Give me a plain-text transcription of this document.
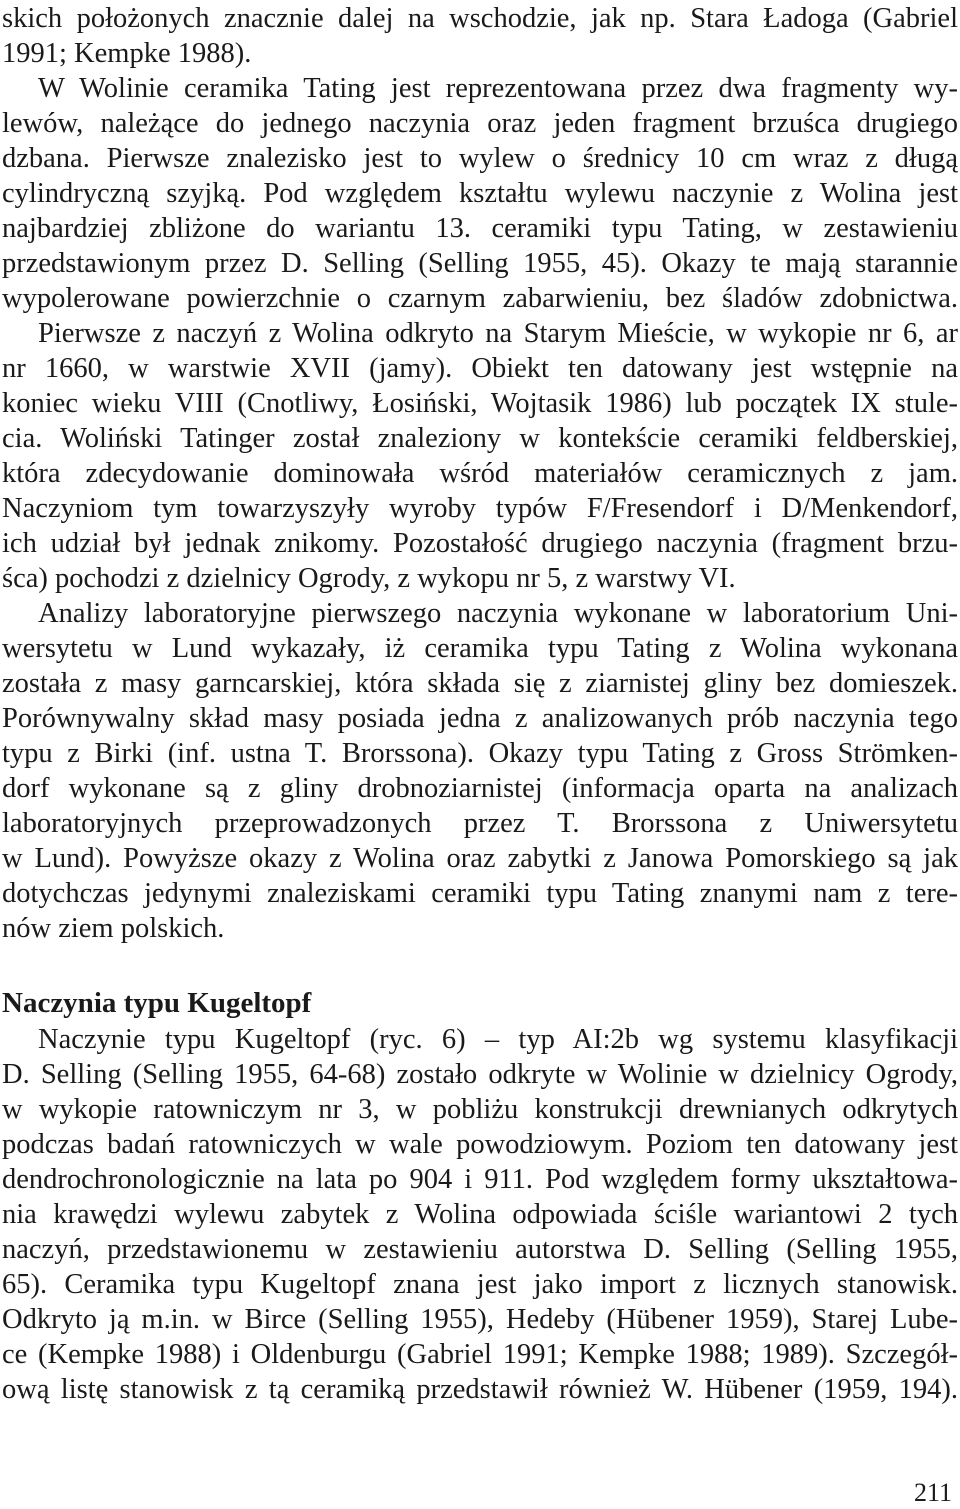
skich położonych znacznie dalej na wschodzie, jak np. Stara Ładoga (Gabriel
1991; Kempke 1988).
W Wolinie ceramika Tating jest reprezentowana przez dwa fragmenty wy-
lewów, należące do jednego naczynia oraz jeden fragment brzuśca drugiego
dzbana. Pierwsze znalezisko jest to wylew o średnicy 10 cm wraz z długą
cylindryczną szyjką. Pod względem kształtu wylewu naczynie z Wolina jest
najbardziej zbliżone do wariantu 13. ceramiki typu Tating, w zestawieniu
przedstawionym przez D. Selling (Selling 1955, 45). Okazy te mają starannie
wypolerowane powierzchnie o czarnym zabarwieniu, bez śladów zdobnictwa.
Pierwsze z naczyń z Wolina odkryto na Starym Mieście, w wykopie nr 6, ar
nr 1660, w warstwie XVII (jamy). Obiekt ten datowany jest wstępnie na
koniec wieku VIII (Cnotliwy, Łosiński, Wojtasik 1986) lub początek IX stule-
cia. Woliński Tatinger został znaleziony w kontekście ceramiki feldberskiej,
która zdecydowanie dominowała wśród materiałów ceramicznych z jam.
Naczyniom tym towarzyszyły wyroby typów F/Fresendorf i D/Menkendorf,
ich udział był jednak znikomy. Pozostałość drugiego naczynia (fragment brzu-
śca) pochodzi z dzielnicy Ogrody, z wykopu nr 5, z warstwy VI.
Analizy laboratoryjne pierwszego naczynia wykonane w laboratorium Uni-
wersytetu w Lund wykazały, iż ceramika typu Tating z Wolina wykonana
została z masy garncarskiej, która składa się z ziarnistej gliny bez domieszek.
Porównywalny skład masy posiada jedna z analizowanych prób naczynia tego
typu z Birki (inf. ustna T. Brorssona). Okazy typu Tating z Gross Strömken-
dorf wykonane są z gliny drobnoziarnistej (informacja oparta na analizach
laboratoryjnych przeprowadzonych przez T. Brorssona z Uniwersytetu
w Lund). Powyższe okazy z Wolina oraz zabytki z Janowa Pomorskiego są jak
dotychczas jedynymi znaleziskami ceramiki typu Tating znanymi nam z tere-
nów ziem polskich.
Naczynia typu Kugeltopf
Naczynie typu Kugeltopf (ryc. 6) – typ AI:2b wg systemu klasyfikacji
D. Selling (Selling 1955, 64-68) zostało odkryte w Wolinie w dzielnicy Ogrody,
w wykopie ratowniczym nr 3, w pobliżu konstrukcji drewnianych odkrytych
podczas badań ratowniczych w wale powodziowym. Poziom ten datowany jest
dendrochronologicznie na lata po 904 i 911. Pod względem formy ukształtowa-
nia krawędzi wylewu zabytek z Wolina odpowiada ściśle wariantowi 2 tych
naczyń, przedstawionemu w zestawieniu autorstwa D. Selling (Selling 1955,
65). Ceramika typu Kugeltopf znana jest jako import z licznych stanowisk.
Odkryto ją m.in. w Birce (Selling 1955), Hedeby (Hübener 1959), Starej Lube-
ce (Kempke 1988) i Oldenburgu (Gabriel 1991; Kempke 1988; 1989). Szczegół-
ową listę stanowisk z tą ceramiką przedstawił również W. Hübener (1959, 194).
211
